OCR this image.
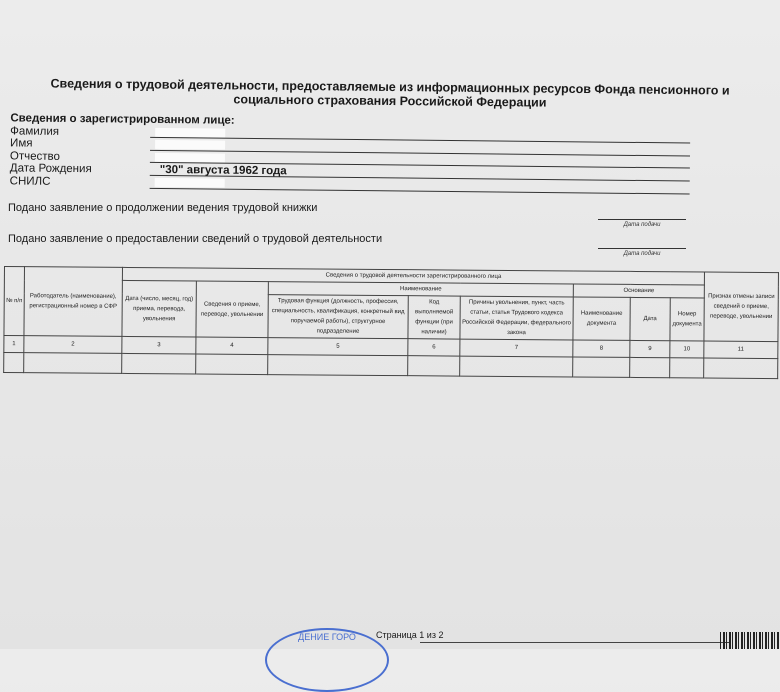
Сведения о трудовой деятельности, предоставляемые из информационных ресурсов Фонда пенсионного и социального страхования Российской Федерации
Сведения о зарегистрированном лице:
Фамилия
Имя
Отчество
Дата Рождения	"30" августа 1962 года
СНИЛС
Подано заявление о продолжении ведения трудовой книжки
Дата подачи
Подано заявление о предоставлении сведений о трудовой деятельности
Дата подачи
№ п/п	Работодатель (наименование), регистрационный номер в СФР	Сведения о трудовой деятельности зарегистрированного лица								Признак отмены записи сведений о приеме, переводе, увольнении
		Дата (число, месяц, год) приема, перевода, увольнения	Сведения о приеме, переводе, увольнении	Наименование			Основание			
				Трудовая функция (должность, профессия, специальность, квалификация, конкретный вид поручаемой работы), структурное подразделение	Код выполняемой функции (при наличии)	Причины увольнения, пункт, часть статьи, статья Трудового кодекса Российской Федерации, федерального закона	Наименование документа	Дата	Номер документа	
1	2	3	4	5	6	7	8	9	10	11

ДЕНИЕ ГОРО	Страница 1 из 2
